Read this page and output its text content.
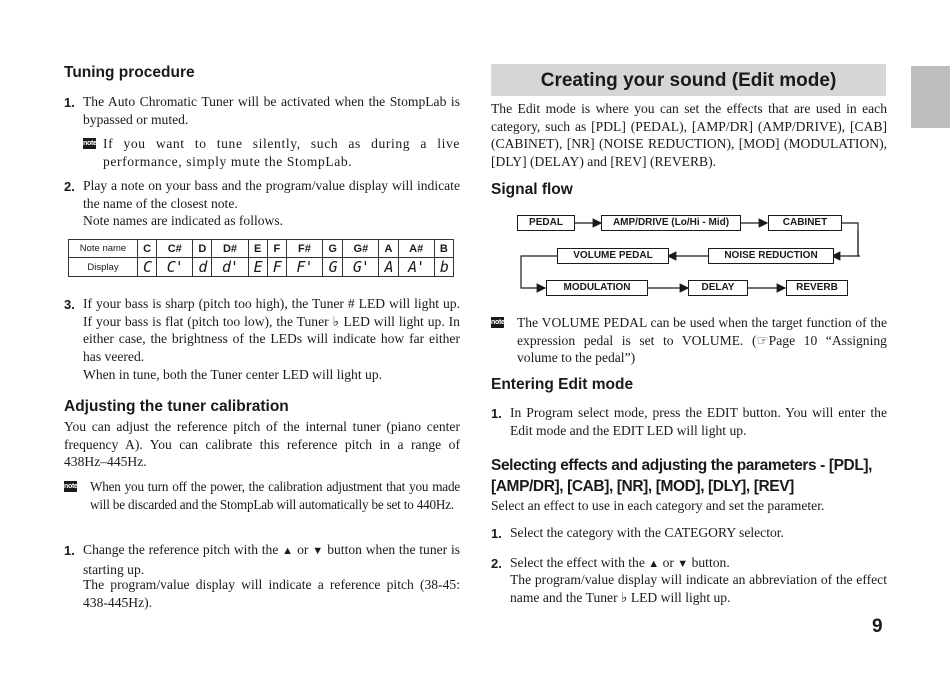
Tuning procedure
1. The Auto Chromatic Tuner will be activated when the StompLab is bypassed or muted.
note If you want to tune silently, such as during a live performance, simply mute the StompLab.
2. Play a note on your bass and the program/value display will indicate the name of the closest note.
Note names are indicated as follows.
3. If your bass is sharp (pitch too high), the Tuner # LED will light up. If your bass is flat (pitch too low), the Tuner ♭ LED will light up. In either case, the brightness of the LEDs will indicate how far either has veered.
When in tune, both the Tuner center LED will light up.
Adjusting the tuner calibration
You can adjust the reference pitch of the internal tuner (piano center frequency A). You can calibrate this reference pitch in a range of 438Hz–445Hz.
note When you turn off the power, the calibration adjustment that you made will be discarded and the StompLab will automatically be set to 440Hz.
1. Change the reference pitch with the ▲ or ▼ button when the tuner is starting up.
The program/value display will indicate a reference pitch (38-45: 438-445Hz).
Note name	C	C#	D	D#	E	F	F#	G	G#	A	A#	B
Display	C	C'	d	d'	E	F	F'	G	G'	A	A'	b
Creating your sound (Edit mode)
The Edit mode is where you can set the effects that are used in each category, such as [PDL] (PEDAL), [AMP/DR] (AMP/DRIVE), [CAB] (CABINET), [NR] (NOISE REDUCTION), [MOD] (MODULATION), [DLY] (DELAY) and [REV] (REVERB).
Signal flow
note The VOLUME PEDAL can be used when the target function of the expression pedal is set to VOLUME. (☞Page 10 “Assigning volume to the pedal”)
Entering Edit mode
1. In Program select mode, press the EDIT button. You will enter the Edit mode and the EDIT LED will light up.
Selecting effects and adjusting the parameters - [PDL], [AMP/DR], [CAB], [NR], [MOD], [DLY], [REV]
Select an effect to use in each category and set the parameter.
1. Select the category with the CATEGORY selector.
2. Select the effect with the ▲ or ▼ button.
The program/value display will indicate an abbreviation of the effect name and the Tuner ♭ LED will light up.
PEDAL	AMP/DRIVE (Lo/Hi - Mid)	CABINET
NOISE REDUCTION
VOLUME PEDAL
MODULATION	DELAY	REVERB
9
